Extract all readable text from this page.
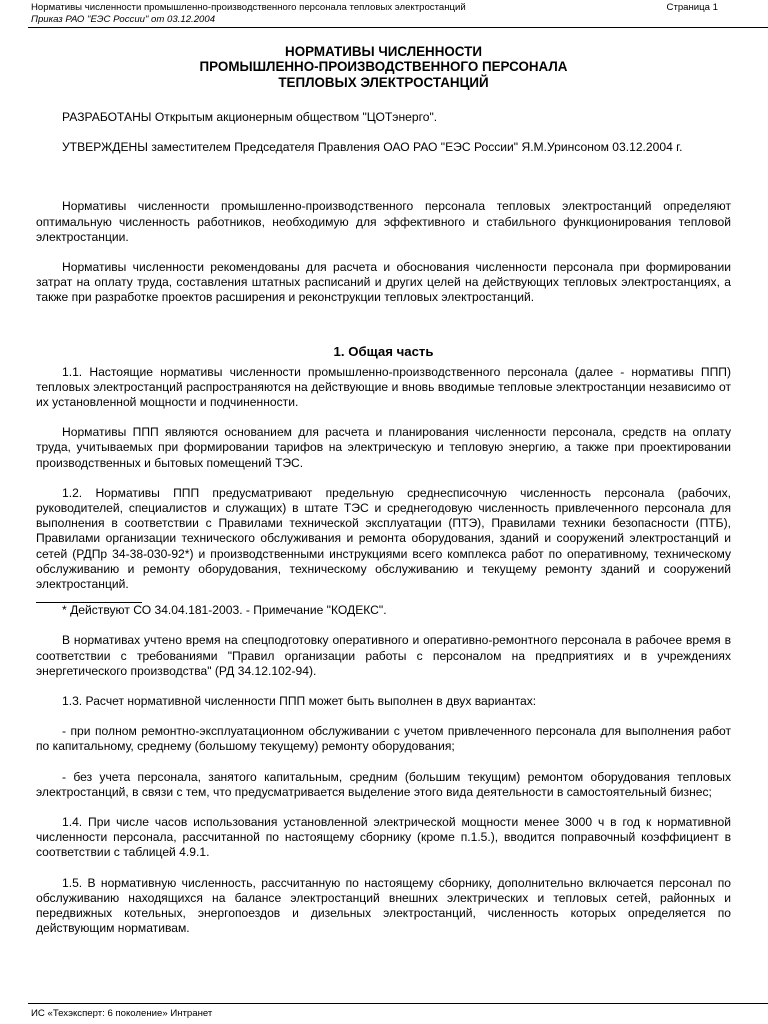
Нормативы численности промышленно-производственного персонала тепловых электростанций
Приказ РАО "ЕЭС России" от 03.12.2004
Страница 1

НОРМАТИВЫ ЧИСЛЕННОСТИ

ПРОМЫШЛЕННО-ПРОИЗВОДСТВЕННОГО ПЕРСОНАЛА

ТЕПЛОВЫХ ЭЛЕКТРОСТАНЦИЙ

РАЗРАБОТАНЫ Открытым акционерным обществом "ЦОТэнерго".

УТВЕРЖДЕНЫ заместителем Председателя Правления ОАО РАО "ЕЭС России" Я.М.Уринсоном 03.12.2004 г.

Нормативы численности промышленно-производственного персонала тепловых электростанций определяют оптимальную численность работников, необходимую для эффективного и стабильного функционирования тепловой электростанции.

Нормативы численности рекомендованы для расчета и обоснования численности персонала при формировании затрат на оплату труда, составления штатных расписаний и других целей на действующих тепловых электростанциях, а также при разработке проектов расширения и реконструкции тепловых электростанций.

1. Общая часть

1.1. Настоящие нормативы численности промышленно-производственного персонала (далее - нормативы ППП) тепловых электростанций распространяются на действующие и вновь вводимые тепловые электростанции независимо от их установленной мощности и подчиненности.

Нормативы ППП являются основанием для расчета и планирования численности персонала, средств на оплату труда, учитываемых при формировании тарифов на электрическую и тепловую энергию, а также при проектировании производственных и бытовых помещений ТЭС.

1.2. Нормативы ППП предусматривают предельную среднесписочную численность персонала (рабочих, руководителей, специалистов и служащих) в штате ТЭС и среднегодовую численность привлеченного персонала для выполнения в соответствии с Правилами технической эксплуатации (ПТЭ), Правилами техники безопасности (ПТБ), Правилами организации технического обслуживания и ремонта оборудования, зданий и сооружений электростанций и сетей (РДПр 34-38-030-92*) и производственными инструкциями всего комплекса работ по оперативному, техническому обслуживанию и ремонту оборудования, техническому обслуживанию и текущему ремонту зданий и сооружений электростанций.

* Действуют СО 34.04.181-2003. - Примечание "КОДЕКС".

В нормативах учтено время на спецподготовку оперативного и оперативно-ремонтного персонала в рабочее время в соответствии с требованиями "Правил организации работы с персоналом на предприятиях и в учреждениях энергетического производства" (РД 34.12.102-94).

1.3. Расчет нормативной численности ППП может быть выполнен в двух вариантах:

- при полном ремонтно-эксплуатационном обслуживании с учетом привлеченного персонала для выполнения работ по капитальному, среднему (большому текущему) ремонту оборудования;

- без учета персонала, занятого капитальным, средним (большим текущим) ремонтом оборудования тепловых электростанций, в связи с тем, что предусматривается выделение этого вида деятельности в самостоятельный бизнес;

1.4. При числе часов использования установленной электрической мощности менее 3000 ч в год к нормативной численности персонала, рассчитанной по настоящему сборнику (кроме п.1.5.), вводится поправочный коэффициент в соответствии с таблицей 4.9.1.

1.5. В нормативную численность, рассчитанную по настоящему сборнику, дополнительно включается персонал по обслуживанию находящихся на балансе электростанций внешних электрических и тепловых сетей, районных и передвижных котельных, энергопоездов и дизельных электростанций, численность которых определяется по действующим нормативам.

ИС «Техэксперт: 6 поколение» Интранет
